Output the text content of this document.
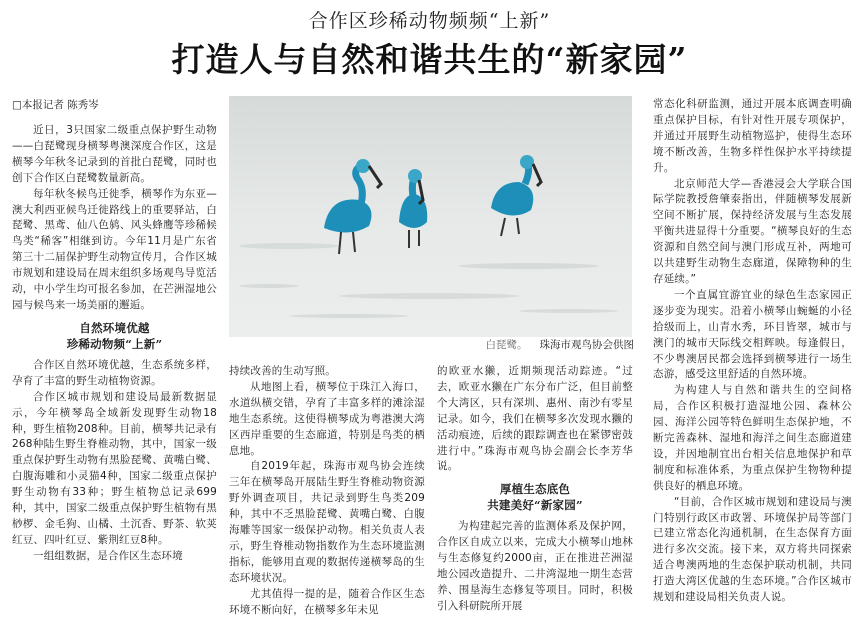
合作区珍稀动物频频“上新”
打造人与自然和谐共生的“新家园”
□本报记者 陈秀岑

近日，3只国家二级重点保护野生动物——白琵鹭现身横琴粤澳深度合作区，这是横琴今年秋冬记录到的首批白琵鹭，同时也创下合作区白琵鹭数量新高。

每年秋冬候鸟迁徙季，横琴作为东亚—澳大利西亚候鸟迁徙路线上的重要驿站，白琵鹭、黑鸢、仙八色鸫、风头蜂鹰等珍稀候鸟类“稀客”相继到访。今年11月是广东省第三十二届保护野生动物宣传月，合作区城市规划和建设局在周末组织多场观鸟导览活动，中小学生均可报名参加，在芒洲湿地公园与候鸟来一场美丽的邂逅。

自然环境优越
珍稀动物频“上新”

合作区自然环境优越，生态系统多样，孕育了丰富的野生动植物资源。

合作区城市规划和建设局最新数据显示，今年横琴岛全域新发现野生动物18种，野生植物208种。目前，横琴共记录有268种陆生野生脊椎动物，其中，国家一级重点保护野生动物有黑脸琵鹭、黄嘴白鹭、白腹海雕和小灵猫4种，国家二级重点保护野生动物有33种；野生植物总记录699种，其中，国家二级重点保护野生植物有黑桫椤、金毛狗、山橘、土沉香、野茶、软荚红豆、四叶红豆、紫荆红豆8种。

一组组数据，是合作区生态环境

白琵鹭。 珠海市观鸟协会供图

持续改善的生动写照。

从地图上看，横琴位于珠江入海口，水道纵横交错，孕育了丰富多样的滩涂湿地生态系统。这使得横琴成为粤港澳大湾区西岸重要的生态廊道，特别是鸟类的栖息地。

自2019年起，珠海市观鸟协会连续三年在横琴岛开展陆生野生脊椎动物资源野外调查项目，共记录到野生鸟类209种，其中不乏黑脸琵鹭、黄嘴白鹭、白腹海雕等国家一级保护动物。相关负责人表示，野生脊椎动物指数作为生态环境监测指标，能够用直观的数据传递横琴岛的生态环境状况。

尤其值得一提的是，随着合作区生态环境不断向好，在横琴多年未见

的欧亚水獭，近期频现活动踪迹。“过去，欧亚水獭在广东分布广泛，但目前整个大湾区，只有深圳、惠州、南沙有零星记录。如今，我们在横琴多次发现水獭的活动痕迹，后续的跟踪调查也在紧锣密鼓进行中。”珠海市观鸟协会副会长李芳华说。

厚植生态底色
共建美好“新家园”

为构建起完善的监测体系及保护网，合作区自成立以来，完成大小横琴山地林与生态修复约2000亩，正在推进芒洲湿地公园改造提升、二井湾湿地一期生态营养、围垦海生态修复等项目。同时，积极引入科研院所开展

常态化科研监测，通过开展本底调查明确重点保护目标，有针对性开展专项保护，并通过开展野生动植物巡护，使得生态环境不断改善，生物多样性保护水平持续提升。

北京师范大学—香港浸会大学联合国际学院教授詹肇泰指出，伴随横琴发展新空间不断扩展，保持经济发展与生态发展平衡共进显得十分重要。“横琴良好的生态资源和自然空间与澳门形成互补，两地可以共建野生动物生态廊道，保障物种的生存延续。”

一个直属宜游宜业的绿色生态家园正逐步变为现实。沿着小横琴山蜿蜒的小径拾级而上，山青水秀，环目皆翠，城市与澳门的城市天际线交相辉映。每逢假日，不少粤澳居民都会选择到横琴进行一场生态游，感受这里舒适的自然环境。

为构建人与自然和谐共生的空间格局，合作区积极打造湿地公园、森林公园、海洋公园等特色鲜明生态保护地，不断完善森林、湿地和海洋之间生态廊道建设，并因地制宜出台相关信息地保护和草制度和标准体系，为重点保护生物物种提供良好的栖息环境。

“目前，合作区城市规划和建设局与澳门特别行政区市政署、环境保护局等部门已建立常态化沟通机制，在生态保育方面进行多次交流。接下来，双方将共同探索适合粤澳两地的生态保护联动机制，共同打造大湾区优越的生态环境。”合作区城市规划和建设局相关负责人说。
